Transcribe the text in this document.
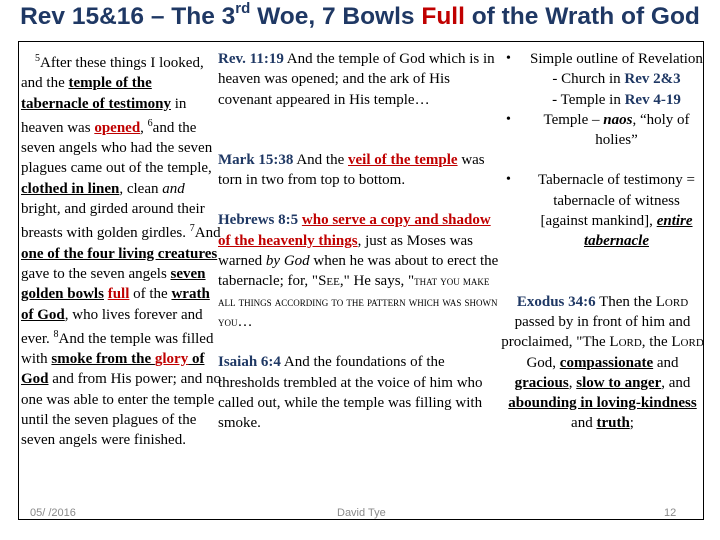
Rev 15&16 – The 3rd Woe, 7 Bowls Full of the Wrath of God
$^5$After these things I looked, and the temple of the tabernacle of testimony in heaven was opened, $^6$and the seven angels who had the seven plagues came out of the temple, clothed in linen, clean and bright, and girded around their breasts with golden girdles. $^7$And one of the four living creatures gave to the seven angels seven golden bowls full of the wrath of God, who lives forever and ever. $^8$And the temple was filled with smoke from the glory of God and from His power; and no one was able to enter the temple until the seven plagues of the seven angels were finished.
Rev. 11:19 And the temple of God which is in heaven was opened; and the ark of His covenant appeared in His temple…
Mark 15:38 And the veil of the temple was torn in two from top to bottom.
Hebrews 8:5 who serve a copy and shadow of the heavenly things, just as Moses was warned by God when he was about to erect the tabernacle; for, "See," He says, "that you make all things according to the pattern which was shown you…
Isaiah 6:4 And the foundations of the thresholds trembled at the voice of him who called out, while the temple was filling with smoke.
• Simple outline of Revelation
- Church in Rev 2&3
- Temple in Rev 4-19
• Temple – naos, “holy of holies”
• Tabernacle of testimony = tabernacle of witness [against mankind], entire tabernacle
Exodus 34:6 Then the Lord passed by in front of him and proclaimed, "The Lord, the Lord God, compassionate and gracious, slow to anger, and abounding in loving-kindness and truth;
05/ /2016	David Tye	12
